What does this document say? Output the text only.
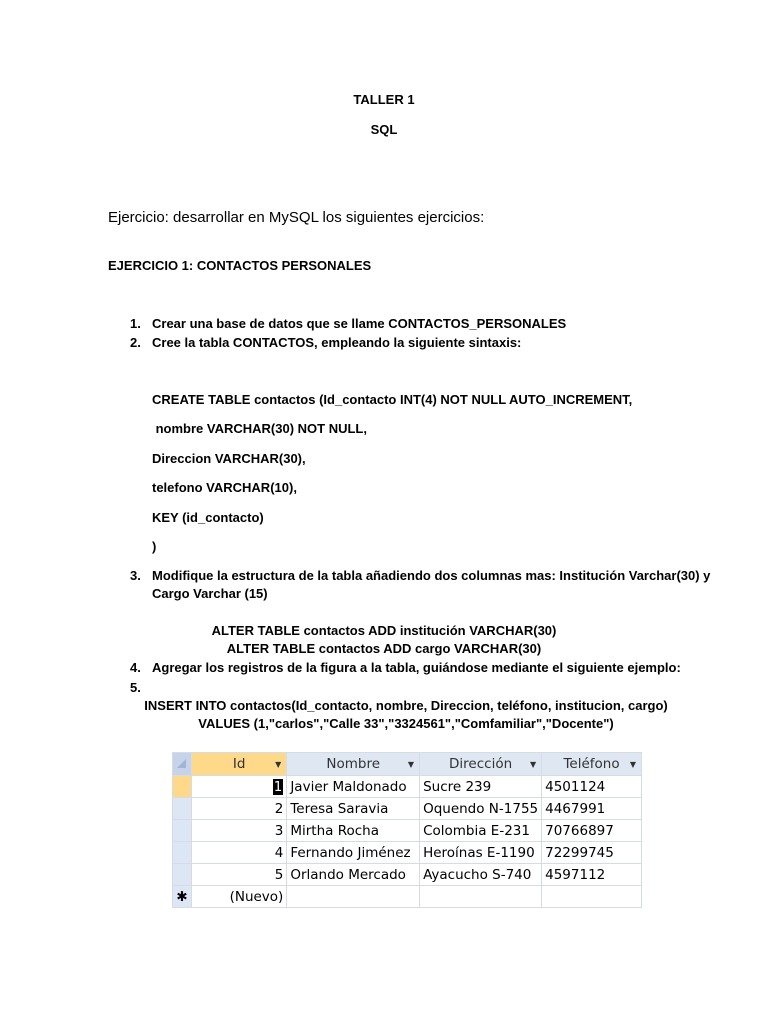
TALLER 1
SQL
Ejercicio: desarrollar en MySQL los siguientes ejercicios:
EJERCICIO 1: CONTACTOS PERSONALES
1. Crear una base de datos que se llame CONTACTOS_PERSONALES
2. Cree la tabla CONTACTOS, empleando la siguiente sintaxis:
CREATE TABLE contactos (Id_contacto INT(4) NOT NULL AUTO_INCREMENT,
nombre VARCHAR(30) NOT NULL,
Direccion VARCHAR(30),
telefono VARCHAR(10),
KEY (id_contacto)
)
3. Modifique la estructura de la tabla añadiendo dos columnas mas: Institución Varchar(30) y
Cargo Varchar (15)
ALTER TABLE contactos ADD institución VARCHAR(30)
ALTER TABLE contactos ADD cargo VARCHAR(30)
4. Agregar los registros de la figura a la tabla, guiándose mediante el siguiente ejemplo:
5.
INSERT INTO contactos(Id_contacto, nombre, Direccion, teléfono, institucion, cargo)
VALUES (1,"carlos","Calle 33","3324561","Comfamiliar","Docente")

	Id ▼	Nombre ▼	Dirección ▼	Teléfono ▼

	1	Javier Maldonado	Sucre 239	4501124
	2	Teresa Saravia	Oquendo N-1755	4467991
	3	Mirtha Rocha	Colombia E-231	70766897
	4	Fernando Jiménez	Heroínas E-1190	72299745
	5	Orlando Mercado	Ayacucho S-740	4597112
✱	(Nuevo)			
